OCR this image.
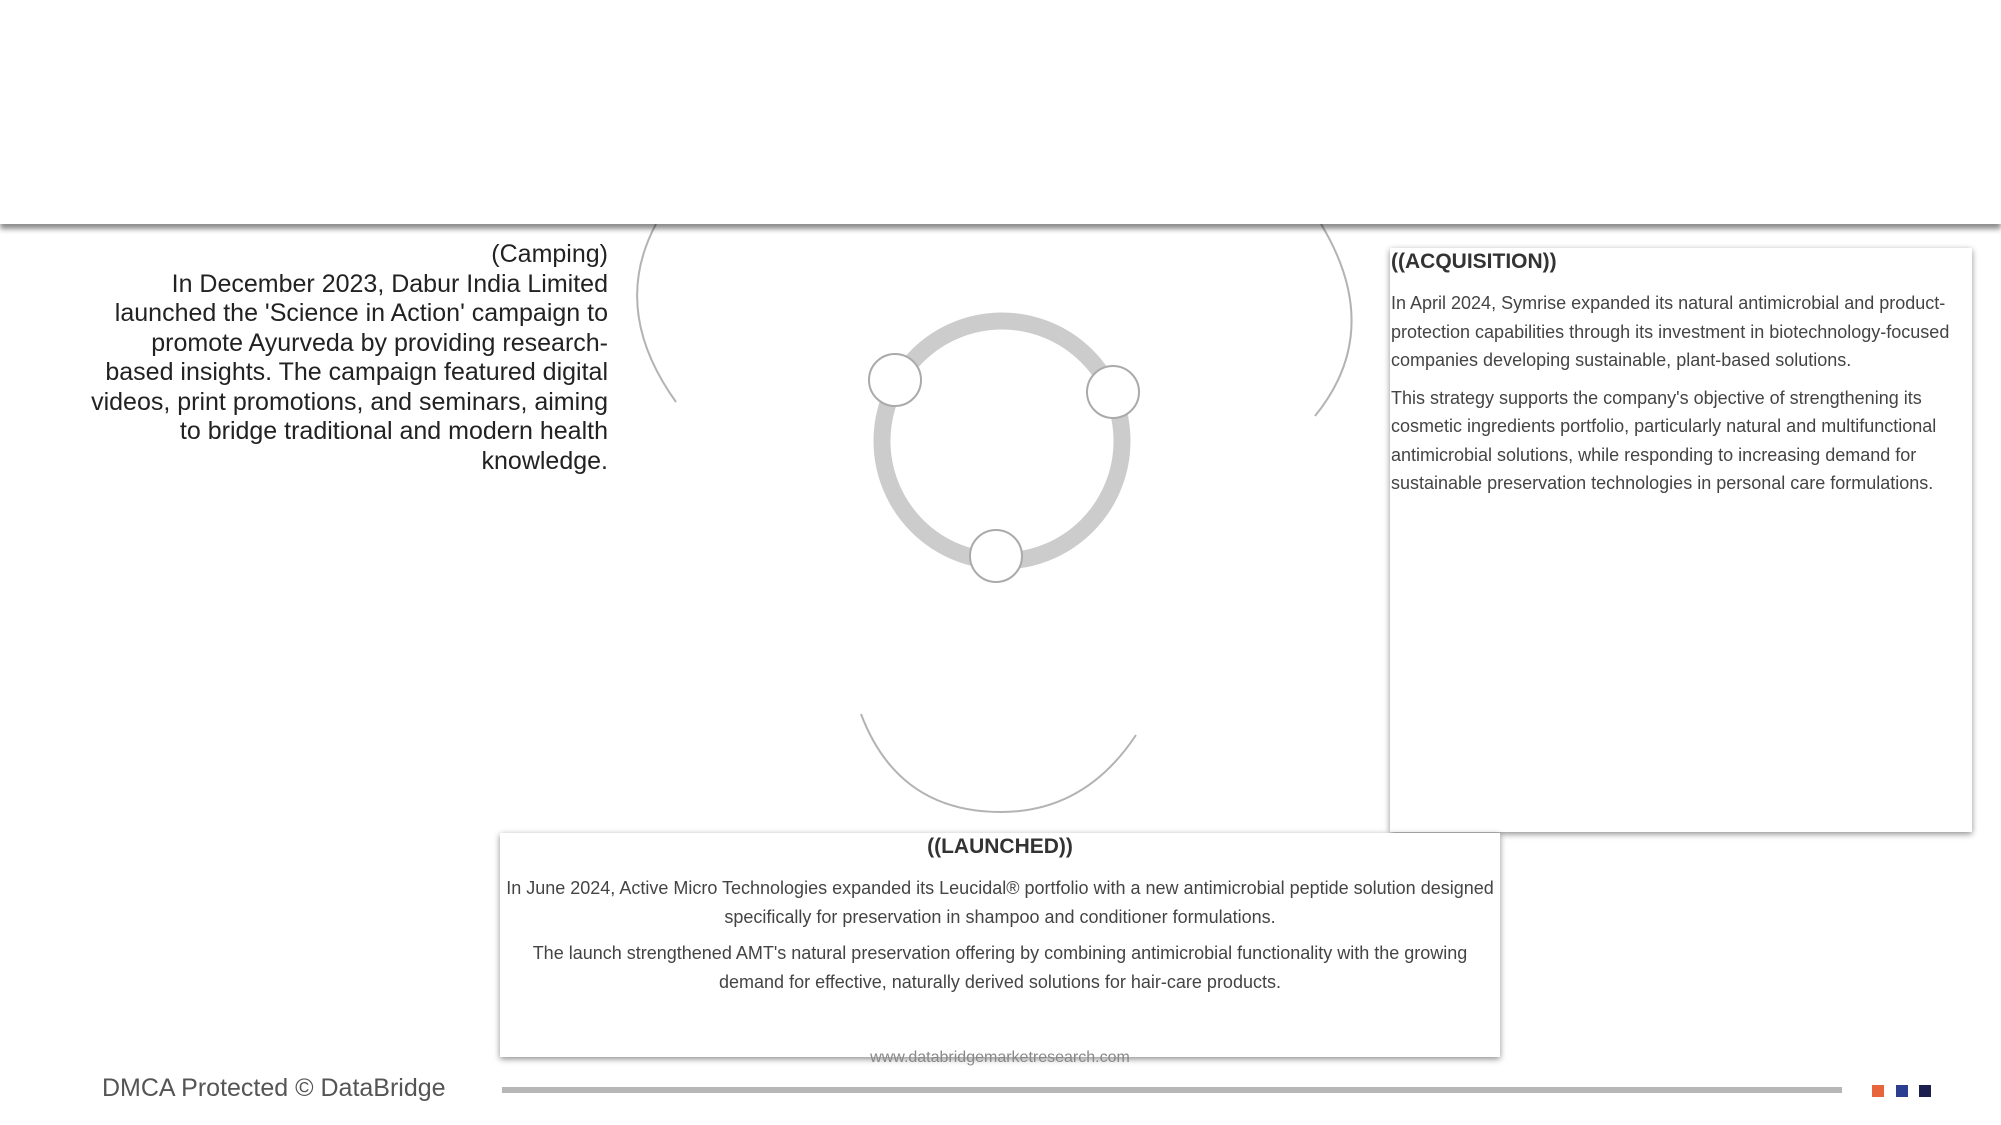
(Camping)
In December 2023, Dabur India Limited launched the 'Science in Action' campaign to promote Ayurveda by providing research-based insights. The campaign featured digital videos, print promotions, and seminars, aiming to bridge traditional and modern health knowledge.
((ACQUISITION))

In April 2024, Symrise expanded its natural antimicrobial and product-protection capabilities through its investment in biotechnology-focused companies developing sustainable, plant-based solutions.

This strategy supports the company's objective of strengthening its cosmetic ingredients portfolio, particularly natural and multifunctional antimicrobial solutions, while responding to increasing demand for sustainable preservation technologies in personal care formulations.

((LAUNCHED))

In June 2024, Active Micro Technologies expanded its Leucidal® portfolio with a new antimicrobial peptide solution designed specifically for preservation in shampoo and conditioner formulations.

The launch strengthened AMT's natural preservation offering by combining antimicrobial functionality with the growing demand for effective, naturally derived solutions for hair-care products.

www.databridgemarketresearch.com
DMCA Protected © DataBridge
